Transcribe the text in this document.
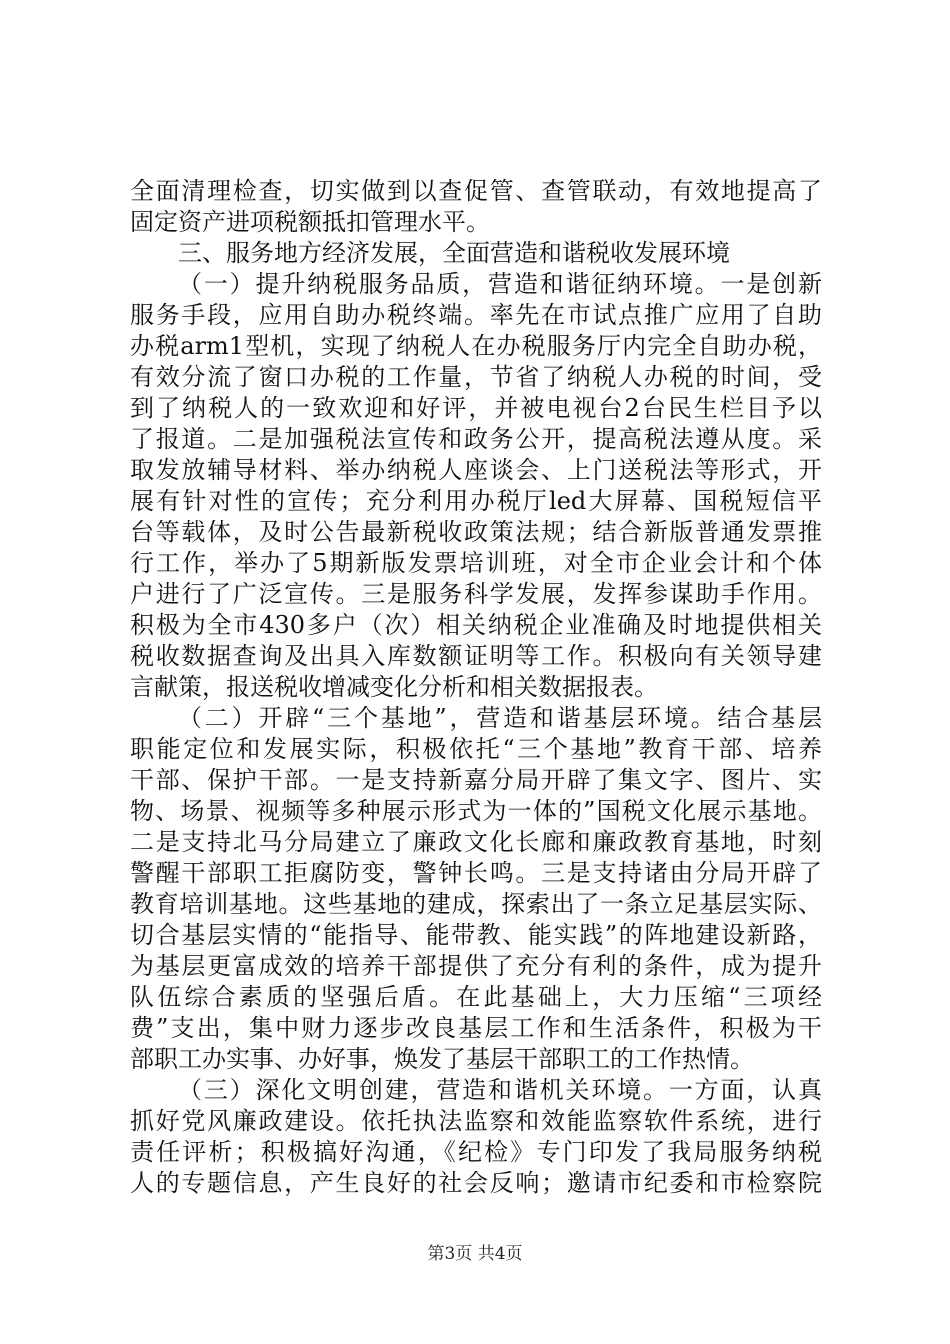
全面清理检查，切实做到以查促管、查管联动，有效地提高了
固定资产进项税额抵扣管理水平。
三、服务地方经济发展，全面营造和谐税收发展环境
（一）提升纳税服务品质，营造和谐征纳环境。一是创新
服务手段，应用自助办税终端。率先在市试点推广应用了自助
办税arm1型机，实现了纳税人在办税服务厅内完全自助办税，
有效分流了窗口办税的工作量，节省了纳税人办税的时间，受
到了纳税人的一致欢迎和好评，并被电视台2台民生栏目予以
了报道。二是加强税法宣传和政务公开，提高税法遵从度。采
取发放辅导材料、举办纳税人座谈会、上门送税法等形式，开
展有针对性的宣传；充分利用办税厅led大屏幕、国税短信平
台等载体，及时公告最新税收政策法规；结合新版普通发票推
行工作，举办了5期新版发票培训班，对全市企业会计和个体
户进行了广泛宣传。三是服务科学发展，发挥参谋助手作用。
积极为全市430多户（次）相关纳税企业准确及时地提供相关
税收数据查询及出具入库数额证明等工作。积极向有关领导建
言献策，报送税收增减变化分析和相关数据报表。
（二）开辟“三个基地”，营造和谐基层环境。结合基层
职能定位和发展实际，积极依托“三个基地”教育干部、培养
干部、保护干部。一是支持新嘉分局开辟了集文字、图片、实
物、场景、视频等多种展示形式为一体的”国税文化展示基地。
二是支持北马分局建立了廉政文化长廊和廉政教育基地，时刻
警醒干部职工拒腐防变，警钟长鸣。三是支持诸由分局开辟了
教育培训基地。这些基地的建成，探索出了一条立足基层实际、
切合基层实情的“能指导、能带教、能实践”的阵地建设新路，
为基层更富成效的培养干部提供了充分有利的条件，成为提升
队伍综合素质的坚强后盾。在此基础上，大力压缩“三项经
费”支出，集中财力逐步改良基层工作和生活条件，积极为干
部职工办实事、办好事，焕发了基层干部职工的工作热情。
（三）深化文明创建，营造和谐机关环境。一方面，认真
抓好党风廉政建设。依托执法监察和效能监察软件系统，进行
责任评析；积极搞好沟通，《纪检》专门印发了我局服务纳税
人的专题信息，产生良好的社会反响；邀请市纪委和市检察院
第3页 共4页
